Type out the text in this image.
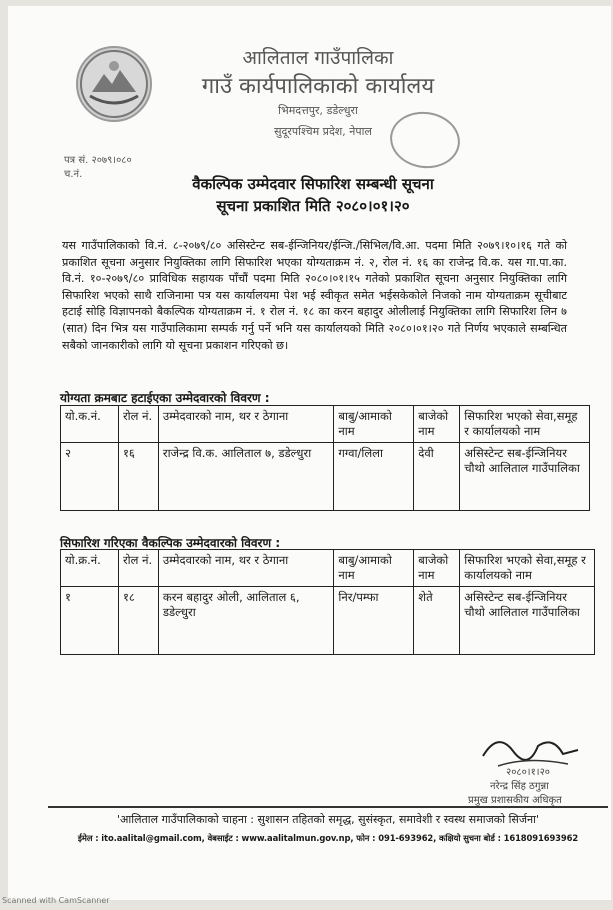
आलिताल गाउँपालिका
गाउँ कार्यपालिकाको कार्यालय
भिमदत्तपुर, डडेल्धुरा
सुदूरपश्चिम प्रदेश, नेपाल
पत्र सं. २०७९।०८०
च.नं.
वैकल्पिक उम्मेदवार सिफारिश सम्बन्धी सूचना
सूचना प्रकाशित मिति २०८०।०१।२०
यस गाउँपालिकाको वि.नं. ८-२०७९/८० असिस्टेन्ट सब-ईन्जिनियर/ईन्जि./सिभिल/वि.आ. पदमा मिति २०७९।१०।१६ गते को प्रकाशित सूचना अनुसार नियुक्तिका लागि सिफारिश भएका योग्यताक्रम नं. २, रोल नं. १६ का राजेन्द्र वि.क. यस गा.पा.का. वि.नं. १०-२०७९/८० प्राविधिक सहायक पाँचौं पदमा मिति २०८०।०१।१५ गतेको प्रकाशित सूचना अनुसार नियुक्तिका लागि सिफारिश भएको साथै राजिनामा पत्र यस कार्यालयमा पेश भई स्वीकृत समेत भईसकेकोले निजको नाम योग्यताक्रम सूचीबाट हटाई सोहि विज्ञापनको बैकल्पिक योग्यताक्रम नं. १ रोल नं. १८ का करन बहादुर ओलीलाई नियुक्तिका लागि सिफारिश लिन ७ (सात) दिन भित्र यस गाउँपालिकामा सम्पर्क गर्नु पर्ने भनि यस कार्यालयको मिति २०८०।०१।२० गते निर्णय भएकाले सम्बन्धित सबैको जानकारीको लागि यो सूचना प्रकाशन गरिएको छ।
योग्यता क्रमबाट हटाईएका उम्मेदवारको विवरण :
यो.क.नं.	रोल नं.	उम्मेदवारको नाम, थर र ठेगाना	बाबु/आमाको नाम	बाजेको नाम	सिफारिश भएको सेवा,समूह र कार्यालयको नाम
२	१६	राजेन्द्र वि.क. आलिताल ७, डडेल्धुरा	गग्वा/लिला	देवी	असिस्टेन्ट सब-ईन्जिनियर चौथो आलिताल गाउँपालिका
सिफारिश गरिएका वैकल्पिक उम्मेदवारको विवरण :
यो.क्र.नं.	रोल नं.	उम्मेदवारको नाम, थर र ठेगाना	बाबु/आमाको नाम	बाजेको नाम	सिफारिश भएको सेवा,समूह र कार्यालयको नाम
१	१८	करन बहादुर ओली, आलिताल ६, डडेल्धुरा	निर/पम्फा	शेते	असिस्टेन्ट सब-ईन्जिनियर चौथो आलिताल गाउँपालिका
२०८०।१।२०
नरेन्द्र सिंह ठगुन्ना
प्रमुख प्रशासकीय अधिकृत
'आलिताल गाउँपालिकाको चाहना : सुशासन तहितको समृद्ध, सुसंस्कृत, समावेशी र स्वस्थ समाजको सिर्जना'
ईमेल : ito.aalital@gmail.com, वेबसाईट : www.aalitalmun.gov.np, फोन : 091-693962, कक्षियो सुचना बोर्ड : 1618091693962
Scanned with CamScanner
